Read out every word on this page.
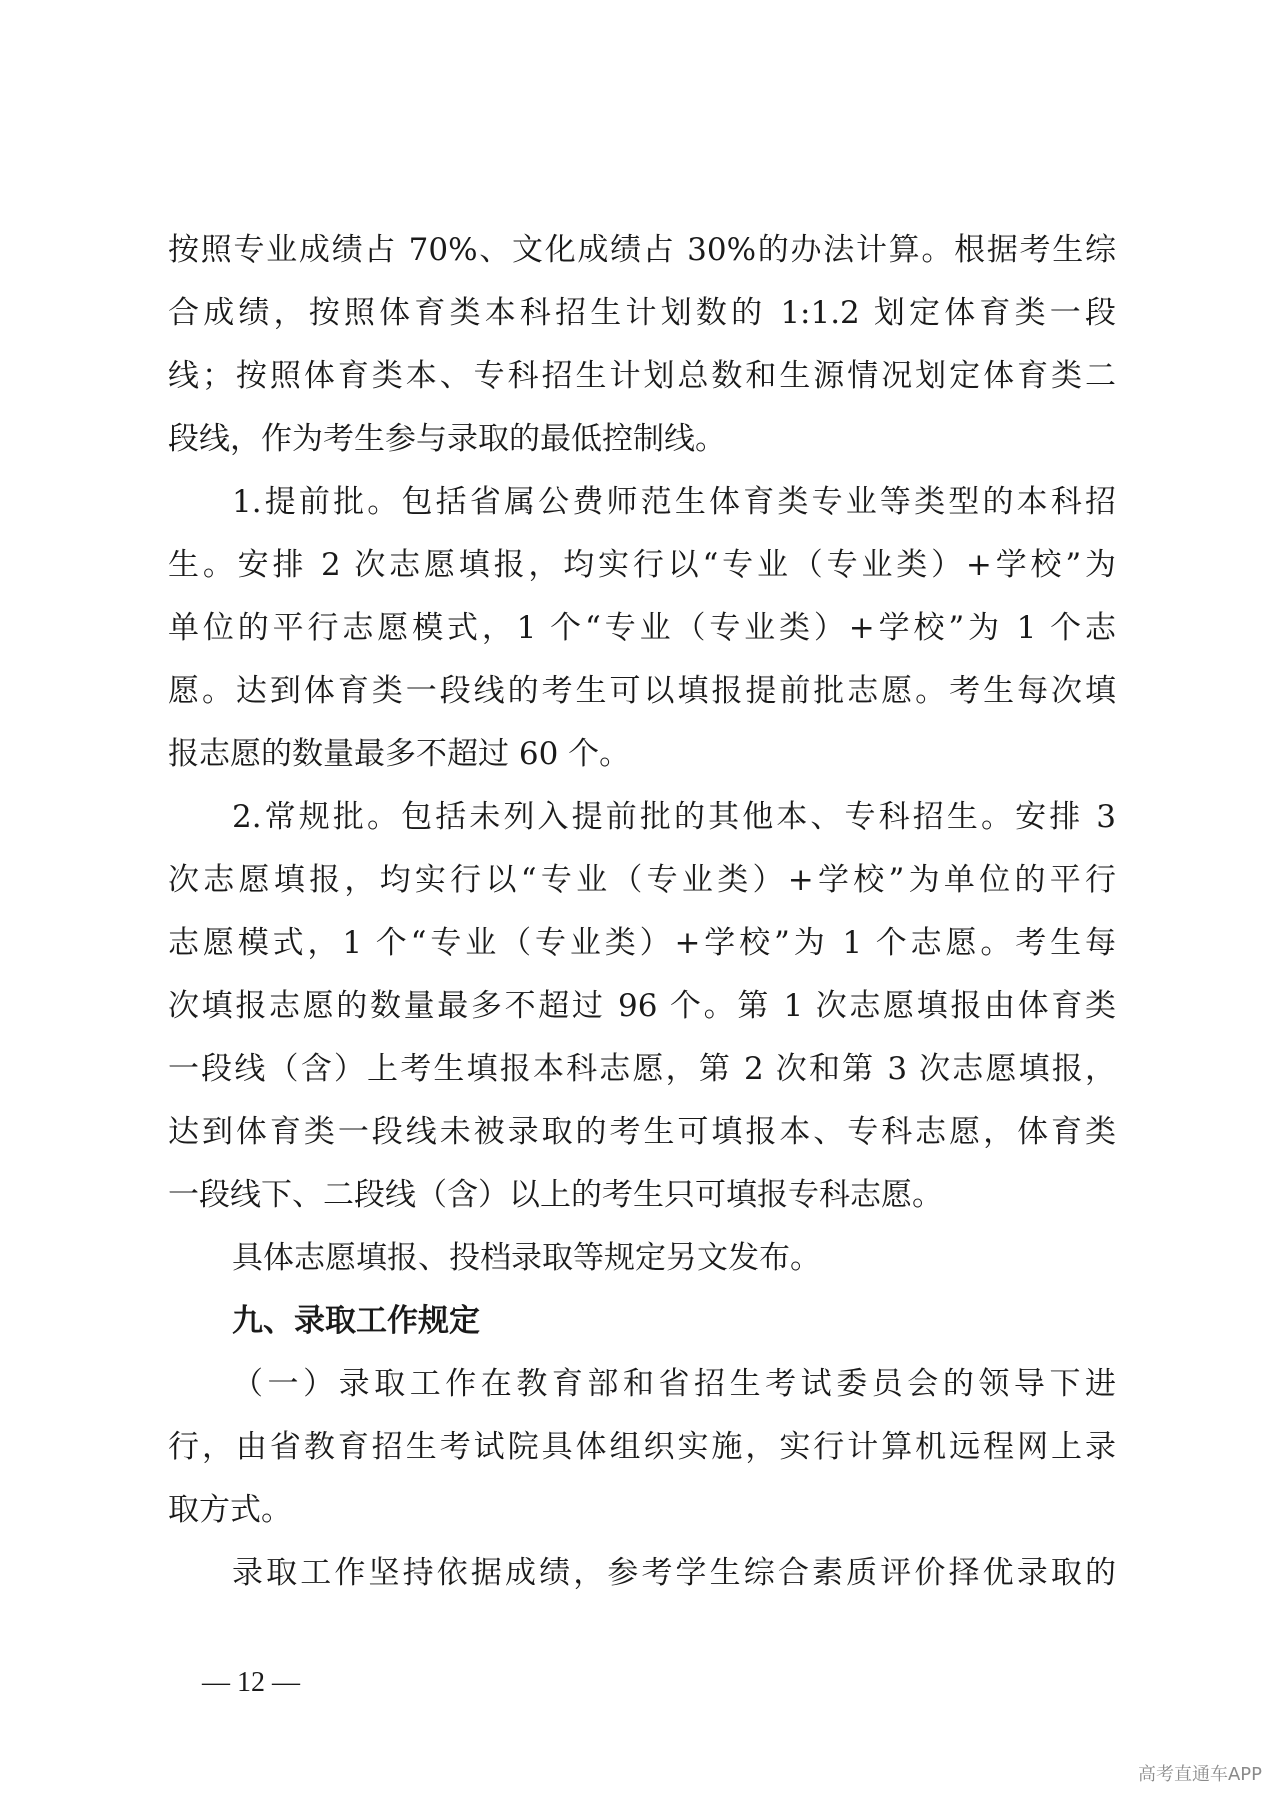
按照专业成绩占 70%、文化成绩占 30%的办法计算。根据考生综
合成绩，按照体育类本科招生计划数的 1:1.2 划定体育类一段
线；按照体育类本、专科招生计划总数和生源情况划定体育类二
段线，作为考生参与录取的最低控制线。
1.提前批。包括省属公费师范生体育类专业等类型的本科招
生。安排 2 次志愿填报，均实行以“专业（专业类）+学校”为
单位的平行志愿模式，1 个“专业（专业类）+学校”为 1 个志
愿。达到体育类一段线的考生可以填报提前批志愿。考生每次填
报志愿的数量最多不超过 60 个。
2.常规批。包括未列入提前批的其他本、专科招生。安排 3
次志愿填报，均实行以“专业（专业类）+学校”为单位的平行
志愿模式，1 个“专业（专业类）+学校”为 1 个志愿。考生每
次填报志愿的数量最多不超过 96 个。第 1 次志愿填报由体育类
一段线（含）上考生填报本科志愿，第 2 次和第 3 次志愿填报，
达到体育类一段线未被录取的考生可填报本、专科志愿，体育类
一段线下、二段线（含）以上的考生只可填报专科志愿。
具体志愿填报、投档录取等规定另文发布。
九、录取工作规定
（一）录取工作在教育部和省招生考试委员会的领导下进
行，由省教育招生考试院具体组织实施，实行计算机远程网上录
取方式。
录取工作坚持依据成绩，参考学生综合素质评价择优录取的
— 12 —
高考直通车APP
